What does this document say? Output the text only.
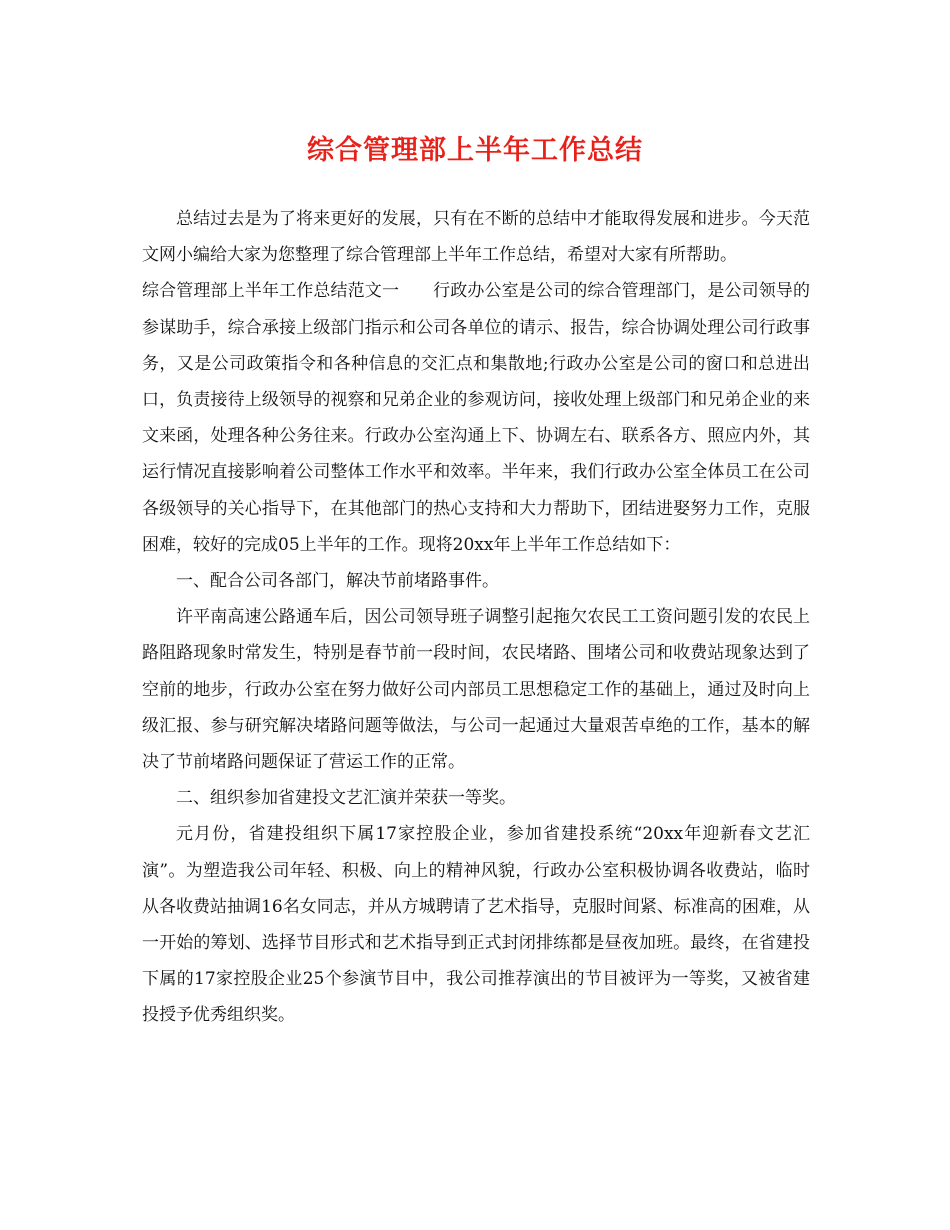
综合管理部上半年工作总结

总结过去是为了将来更好的发展，只有在不断的总结中才能取得发展和进步。今天范文网小编给大家为您整理了综合管理部上半年工作总结，希望对大家有所帮助。

综合管理部上半年工作总结范文一 行政办公室是公司的综合管理部门，是公司领导的参谋助手，综合承接上级部门指示和公司各单位的请示、报告，综合协调处理公司行政事务，又是公司政策指令和各种信息的交汇点和集散地;行政办公室是公司的窗口和总进出口，负责接待上级领导的视察和兄弟企业的参观访问，接收处理上级部门和兄弟企业的来文来函，处理各种公务往来。行政办公室沟通上下、协调左右、联系各方、照应内外，其运行情况直接影响着公司整体工作水平和效率。半年来，我们行政办公室全体员工在公司各级领导的关心指导下，在其他部门的热心支持和大力帮助下，团结进娶努力工作，克服困难，较好的完成05上半年的工作。现将20xx年上半年工作总结如下：

一、配合公司各部门，解决节前堵路事件。

许平南高速公路通车后，因公司领导班子调整引起拖欠农民工工资问题引发的农民上路阻路现象时常发生，特别是春节前一段时间，农民堵路、围堵公司和收费站现象达到了空前的地步，行政办公室在努力做好公司内部员工思想稳定工作的基础上，通过及时向上级汇报、参与研究解决堵路问题等做法，与公司一起通过大量艰苦卓绝的工作，基本的解决了节前堵路问题保证了营运工作的正常。

二、组织参加省建投文艺汇演并荣获一等奖。

元月份，省建投组织下属17家控股企业，参加省建投系统“20xx年迎新春文艺汇演”。为塑造我公司年轻、积极、向上的精神风貌，行政办公室积极协调各收费站，临时从各收费站抽调16名女同志，并从方城聘请了艺术指导，克服时间紧、标准高的困难，从一开始的筹划、选择节目形式和艺术指导到正式封闭排练都是昼夜加班。最终，在省建投下属的17家控股企业25个参演节目中，我公司推荐演出的节目被评为一等奖，又被省建投授予优秀组织奖。
